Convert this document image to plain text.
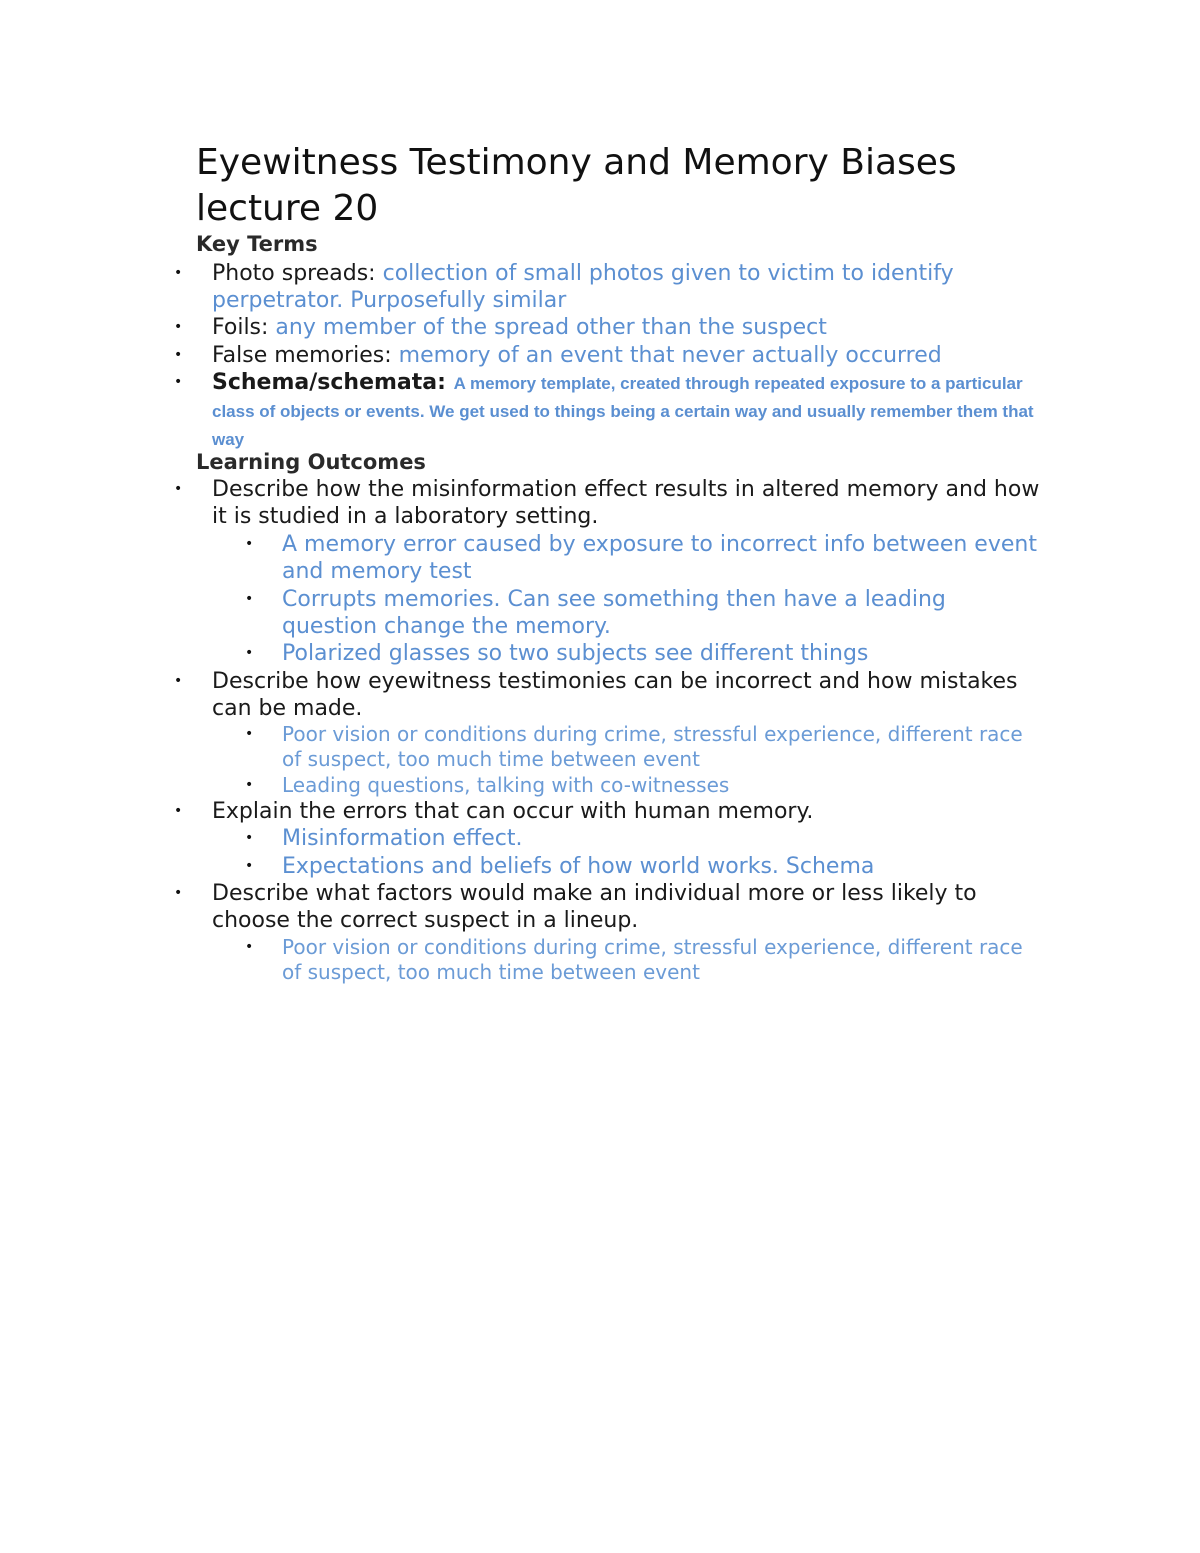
Eyewitness Testimony and Memory Biases lecture 20
Key Terms
• Photo spreads: collection of small photos given to victim to identify perpetrator. Purposefully similar
• Foils: any member of the spread other than the suspect
• False memories: memory of an event that never actually occurred
• Schema/schemata: A memory template, created through repeated exposure to a particular class of objects or events. We get used to things being a certain way and usually remember them that way
Learning Outcomes
• Describe how the misinformation effect results in altered memory and how it is studied in a laboratory setting.
• A memory error caused by exposure to incorrect info between event and memory test
• Corrupts memories. Can see something then have a leading question change the memory.
• Polarized glasses so two subjects see different things
• Describe how eyewitness testimonies can be incorrect and how mistakes can be made.
• Poor vision or conditions during crime, stressful experience, different race of suspect, too much time between event
• Leading questions, talking with co-witnesses
• Explain the errors that can occur with human memory.
• Misinformation effect.
• Expectations and beliefs of how world works. Schema
• Describe what factors would make an individual more or less likely to choose the correct suspect in a lineup.
• Poor vision or conditions during crime, stressful experience, different race of suspect, too much time between event
